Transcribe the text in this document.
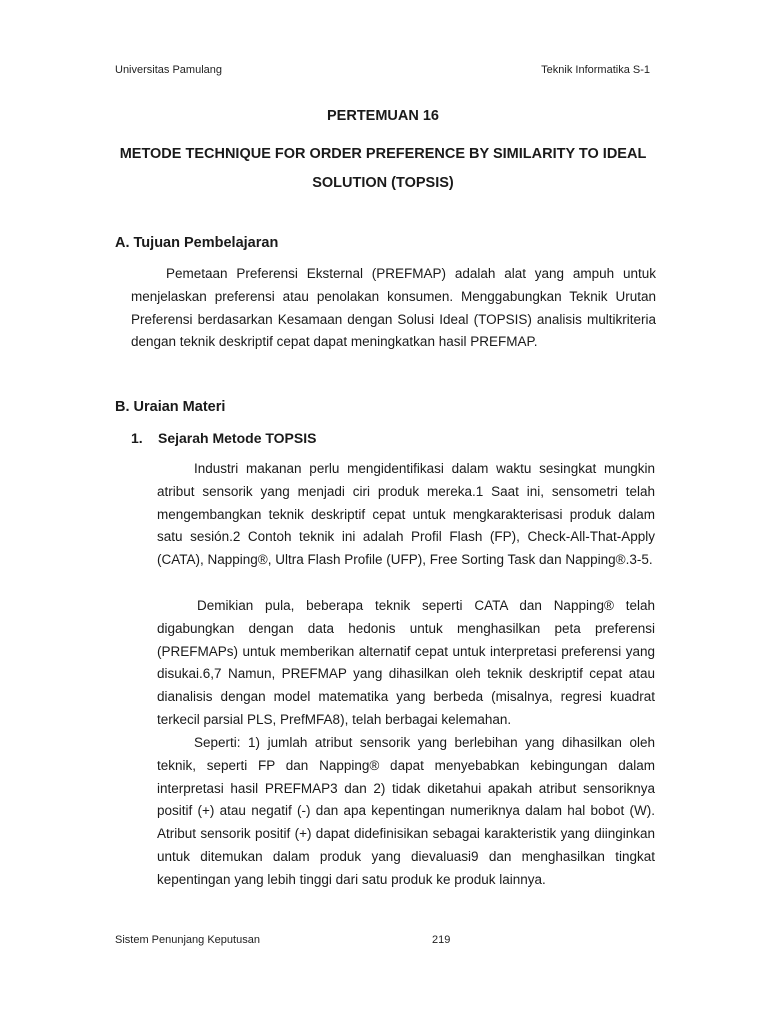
Universitas Pamulang	Teknik Informatika S-1
PERTEMUAN 16
METODE TECHNIQUE FOR ORDER PREFERENCE BY SIMILARITY TO IDEAL SOLUTION (TOPSIS)
A. Tujuan Pembelajaran

Pemetaan Preferensi Eksternal (PREFMAP) adalah alat yang ampuh untuk menjelaskan preferensi atau penolakan konsumen. Menggabungkan Teknik Urutan Preferensi berdasarkan Kesamaan dengan Solusi Ideal (TOPSIS) analisis multikriteria dengan teknik deskriptif cepat dapat meningkatkan hasil PREFMAP.

B. Uraian Materi
1. Sejarah Metode TOPSIS

Industri makanan perlu mengidentifikasi dalam waktu sesingkat mungkin atribut sensorik yang menjadi ciri produk mereka.1 Saat ini, sensometri telah mengembangkan teknik deskriptif cepat untuk mengkarakterisasi produk dalam satu sesión.2 Contoh teknik ini adalah Profil Flash (FP), Check-All-That-Apply (CATA), Napping®, Ultra Flash Profile (UFP), Free Sorting Task dan Napping®.3-5.

Demikian pula, beberapa teknik seperti CATA dan Napping® telah digabungkan dengan data hedonis untuk menghasilkan peta preferensi (PREFMAPs) untuk memberikan alternatif cepat untuk interpretasi preferensi yang disukai.6,7 Namun, PREFMAP yang dihasilkan oleh teknik deskriptif cepat atau dianalisis dengan model matematika yang berbeda (misalnya, regresi kuadrat terkecil parsial PLS, PrefMFA8), telah berbagai kelemahan.

Seperti: 1) jumlah atribut sensorik yang berlebihan yang dihasilkan oleh teknik, seperti FP dan Napping® dapat menyebabkan kebingungan dalam interpretasi hasil PREFMAP3 dan 2) tidak diketahui apakah atribut sensoriknya positif (+) atau negatif (-) dan apa kepentingan numeriknya dalam hal bobot (W). Atribut sensorik positif (+) dapat didefinisikan sebagai karakteristik yang diinginkan untuk ditemukan dalam produk yang dievaluasi9 dan menghasilkan tingkat kepentingan yang lebih tinggi dari satu produk ke produk lainnya.

Sistem Penunjang Keputusan	219
